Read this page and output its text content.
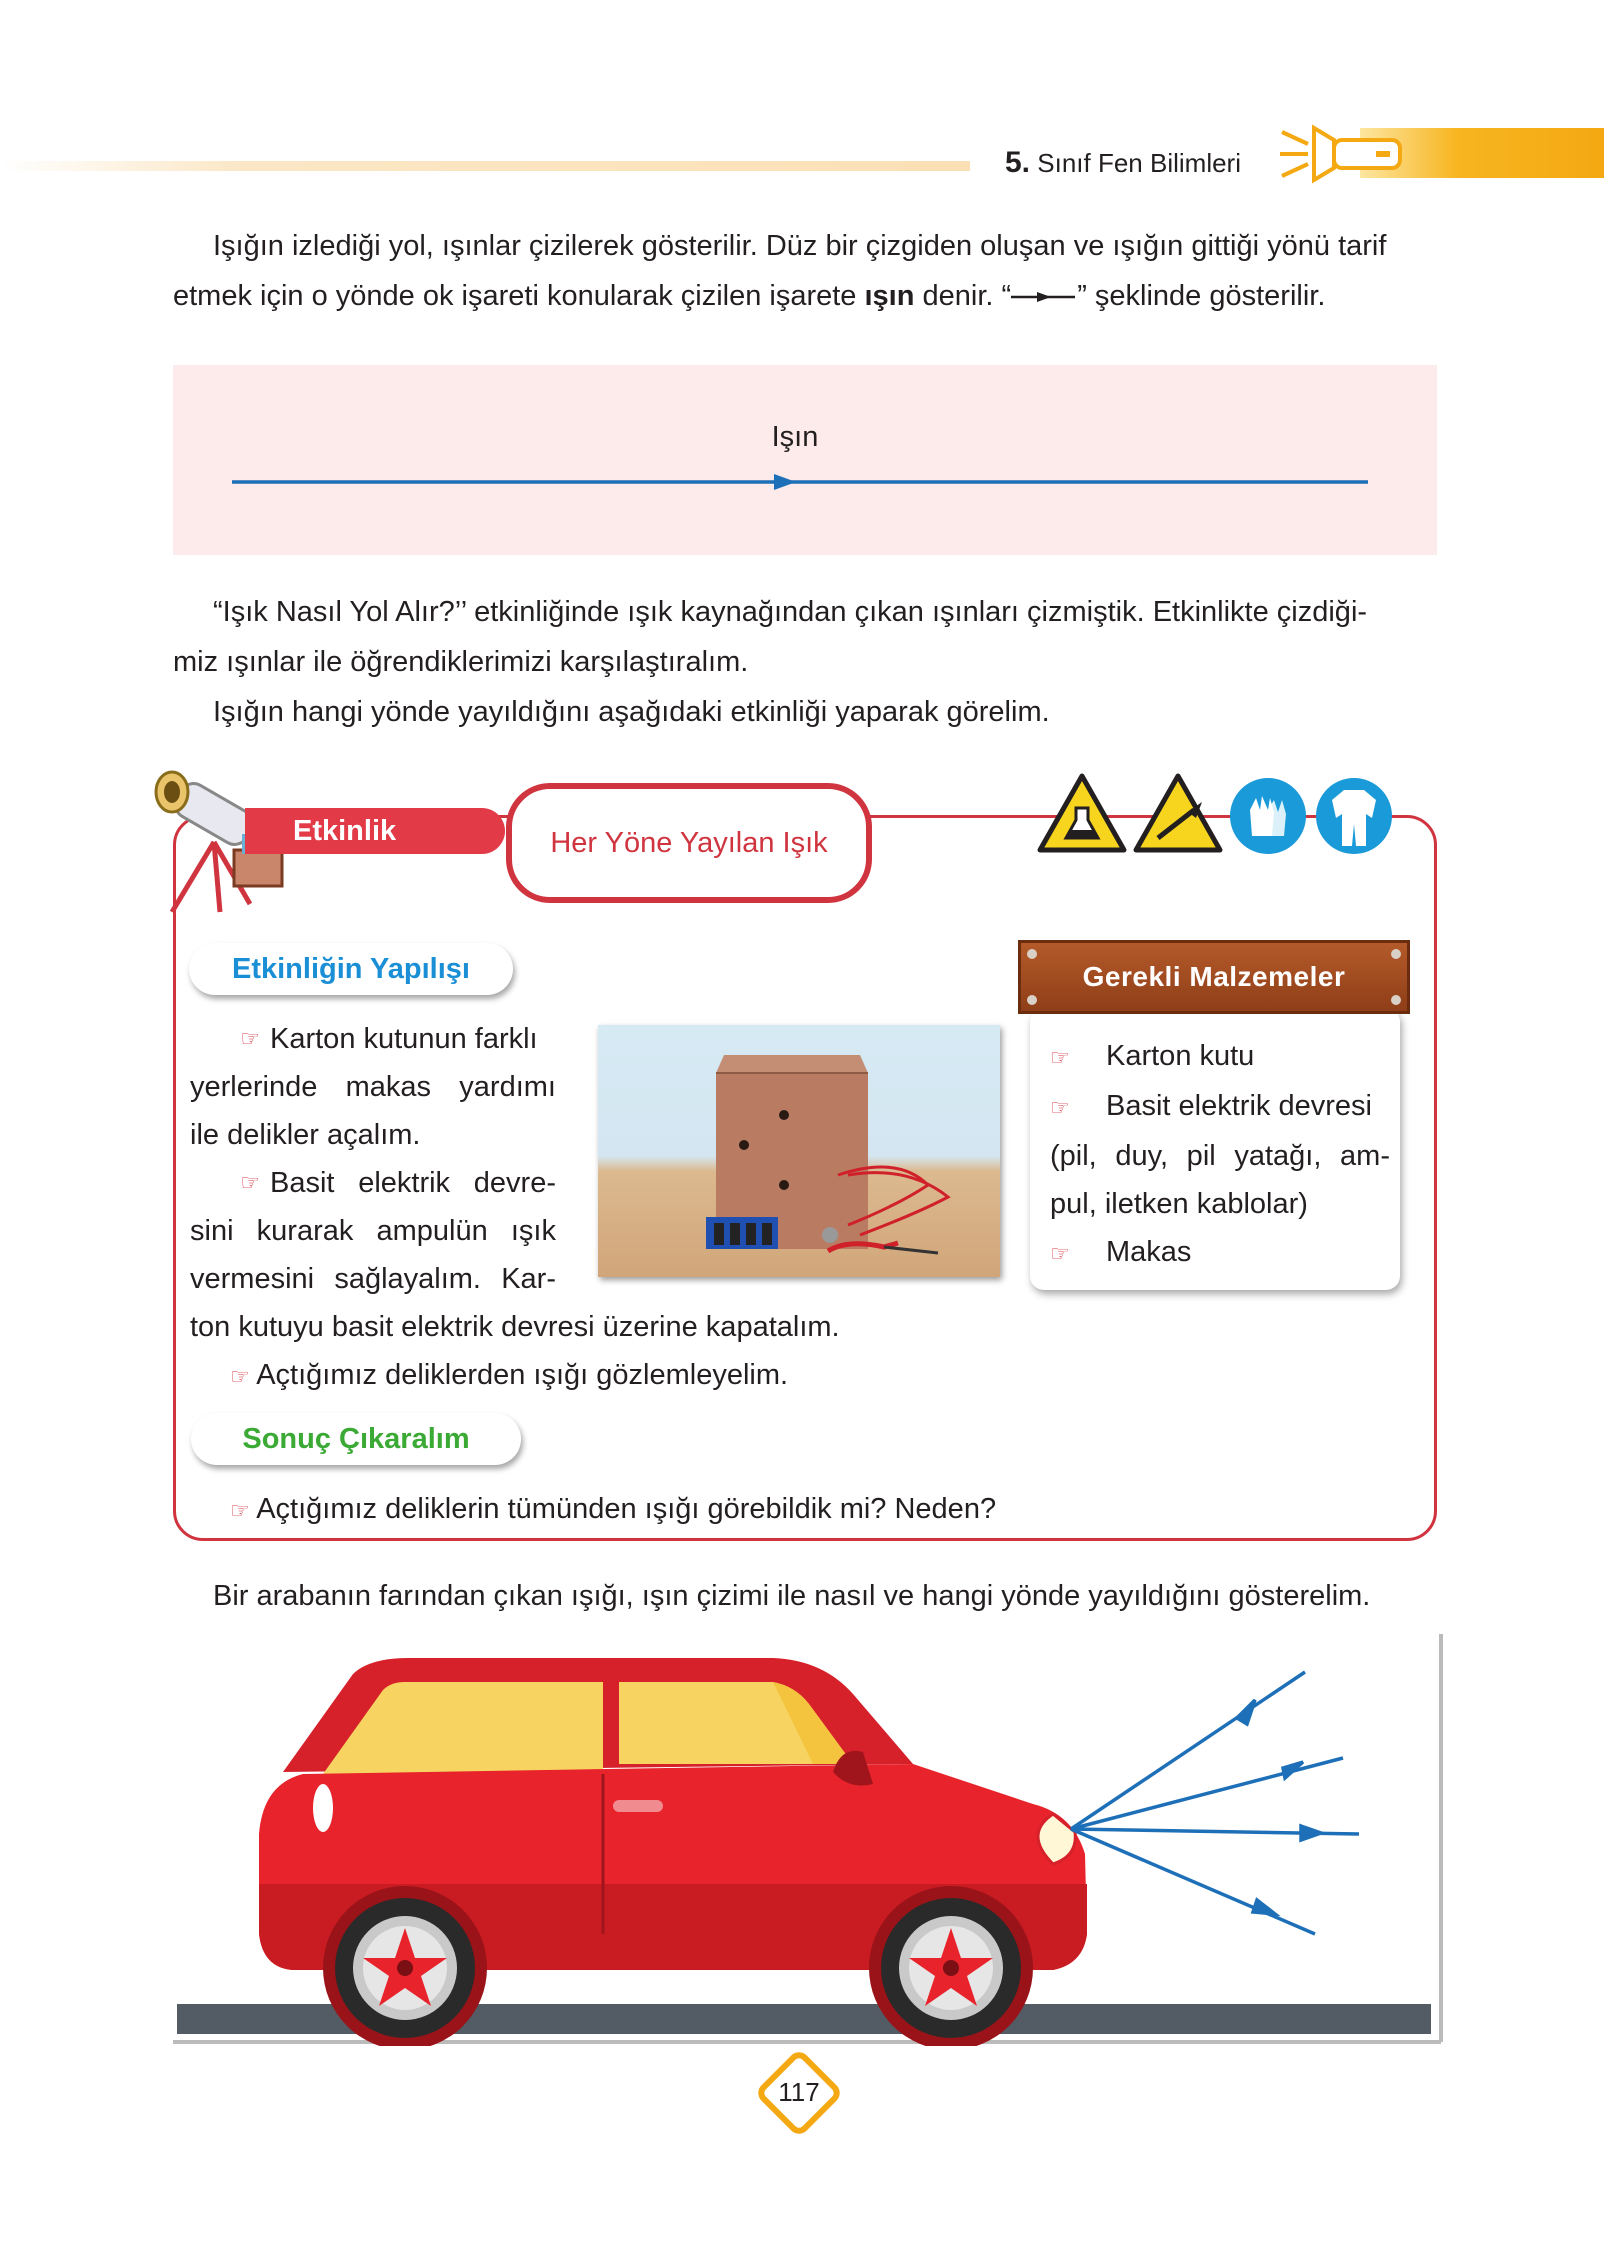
5. Sınıf Fen Bilimleri

Işığın izlediği yol, ışınlar çizilerek gösterilir. Düz bir çizgiden oluşan ve ışığın gittiği yönü tarif

etmek için o yönde ok işareti konularak çizilen işarete ışın denir. “ ” şeklinde gösterilir.

Işın

“Işık Nasıl Yol Alır?’’ etkinliğinde ışık kaynağından çıkan ışınları çizmiştik. Etkinlikte çizdiği-

miz ışınlar ile öğrendiklerimizi karşılaştıralım.

Işığın hangi yönde yayıldığını aşağıdaki etkinliği yaparak görelim.

Etkinlik	Her Yöne Yayılan Işık
Etkinliğin Yapılışı
☞ Karton kutunun farklı
yerlerinde makas yardımı
ile delikler açalım.
☞ Basit elektrik devre-
sini kurarak ampulün ışık
vermesini sağlayalım. Kar-
ton kutuyu basit elektrik devresi üzerine kapatalım.
☞ Açtığımız deliklerden ışığı gözlemleyelim.
Gerekli Malzemeler
☞ Karton kutu
☞ Basit elektrik devresi
(pil, duy, pil yatağı, am-
pul, iletken kablolar)
☞ Makas
Sonuç Çıkaralım
☞ Açtığımız deliklerin tümünden ışığı görebildik mi? Neden?
Bir arabanın farından çıkan ışığı, ışın çizimi ile nasıl ve hangi yönde yayıldığını gösterelim.
117
